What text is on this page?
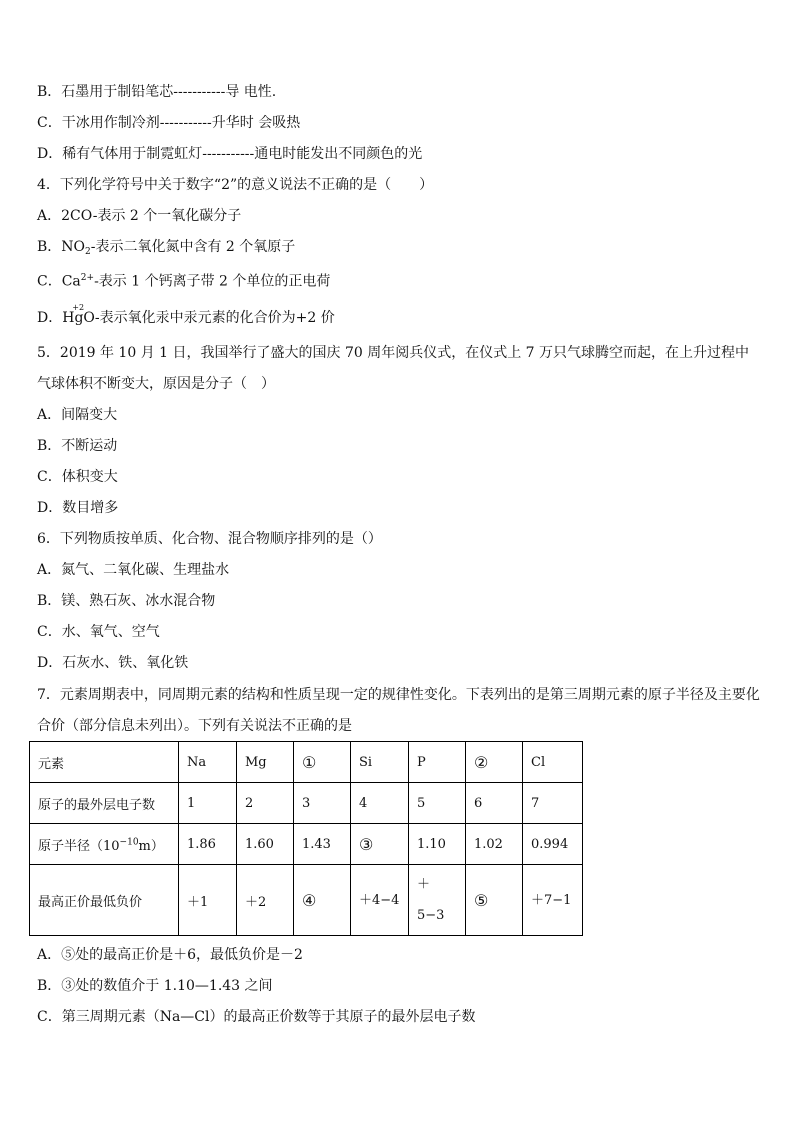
B．石墨用于制铅笔芯-----------导 电性.
C．干冰用作制冷剂-----------升华时 会吸热
D．稀有气体用于制霓虹灯-----------通电时能发出不同颜色的光
4．下列化学符号中关于数字“2”的意义说法不正确的是（　　）
A．2CO-表示 2 个一氧化碳分子
B．$NO_2-$表示二氧化氮中含有 2 个氧原子
C．$Ca^{2+}-$表示 1 个钙离子带 2 个单位的正电荷
D．
+2
HgO-表示氧化汞中汞元素的化合价为+2 价
5．2019 年 10 月 1 日，我国举行了盛大的国庆 70 周年阅兵仪式，在仪式上 7 万只气球腾空而起，在上升过程中气球体积不断变大，原因是分子（　）
A．间隔变大
B．不断运动
C．体积变大
D．数目增多
6．下列物质按单质、化合物、混合物顺序排列的是（）
A．氮气、二氧化碳、生理盐水
B．镁、熟石灰、冰水混合物
C．水、氧气、空气
D．石灰水、铁、氧化铁
7．元素周期表中，同周期元素的结构和性质呈现一定的规律性变化。下表列出的是第三周期元素的原子半径及主要化合价（部分信息未列出）。下列有关说法不正确的是
元素	Na	Mg	①	Si	P	②	Cl
原子的最外层电子数	1	2	3	4	5	6	7
原子半径$(10^{-10}m)$	1.86	1.60	1.43	③	1.10	1.02	0.994
最高正价最低负价	＋1	＋2	④	＋4−4	＋5−3	⑤	＋7−1
A．⑤处的最高正价是＋6，最低负价是－2
B．③处的数值介于 1.10—1.43 之间
C．第三周期元素（Na—Cl）的最高正价数等于其原子的最外层电子数
